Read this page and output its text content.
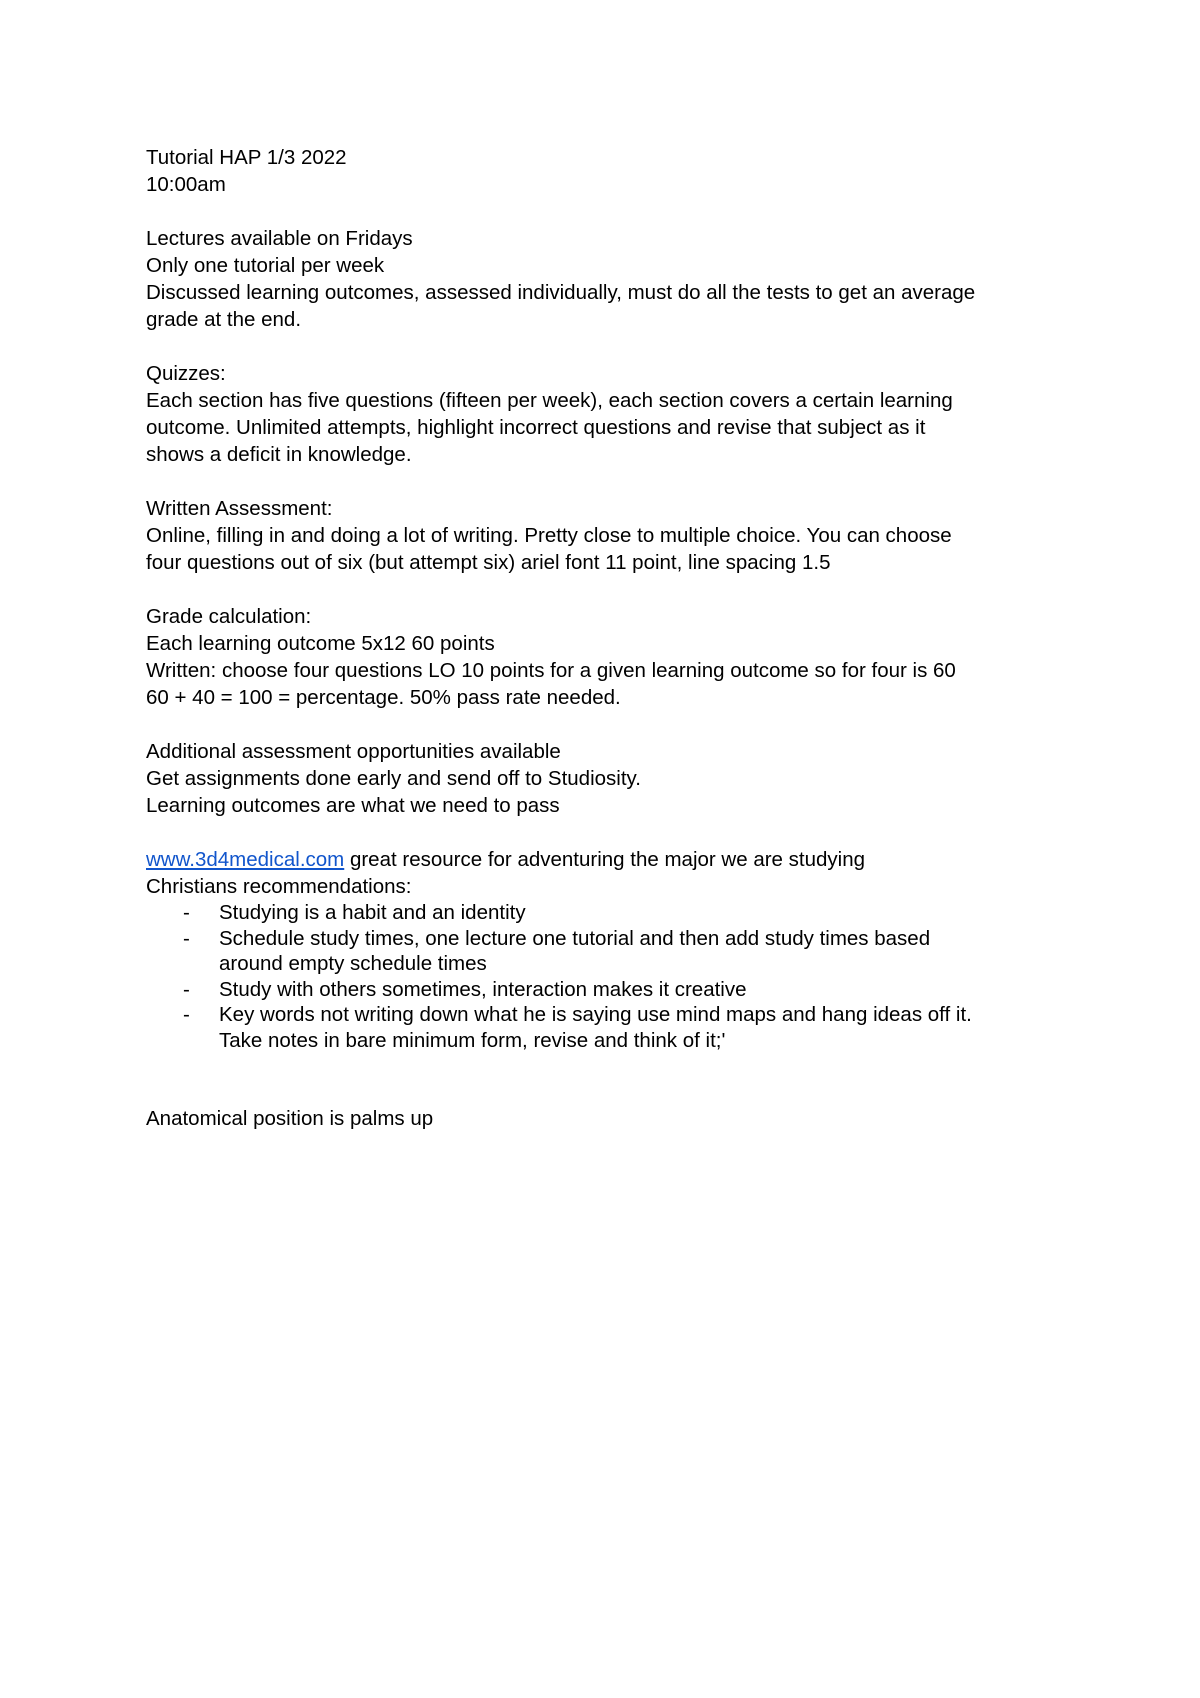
Tutorial HAP 1/3 2022
10:00am
Lectures available on Fridays
Only one tutorial per week
Discussed learning outcomes, assessed individually, must do all the tests to get an average
grade at the end.
Quizzes:
Each section has five questions (fifteen per week), each section covers a certain learning
outcome. Unlimited attempts, highlight incorrect questions and revise that subject as it
shows a deficit in knowledge.
Written Assessment:
Online, filling in and doing a lot of writing. Pretty close to multiple choice. You can choose
four questions out of six (but attempt six) ariel font 11 point, line spacing 1.5
Grade calculation:
Each learning outcome 5x12 60 points
Written: choose four questions LO 10 points for a given learning outcome so for four is 60
60 + 40 = 100 = percentage. 50% pass rate needed.
Additional assessment opportunities available
Get assignments done early and send off to Studiosity.
Learning outcomes are what we need to pass
www.3d4medical.com great resource for adventuring the major we are studying
Christians recommendations:
- Studying is a habit and an identity
- Schedule study times, one lecture one tutorial and then add study times based
around empty schedule times
- Study with others sometimes, interaction makes it creative
- Key words not writing down what he is saying use mind maps and hang ideas off it.
Take notes in bare minimum form, revise and think of it;'
Anatomical position is palms up
